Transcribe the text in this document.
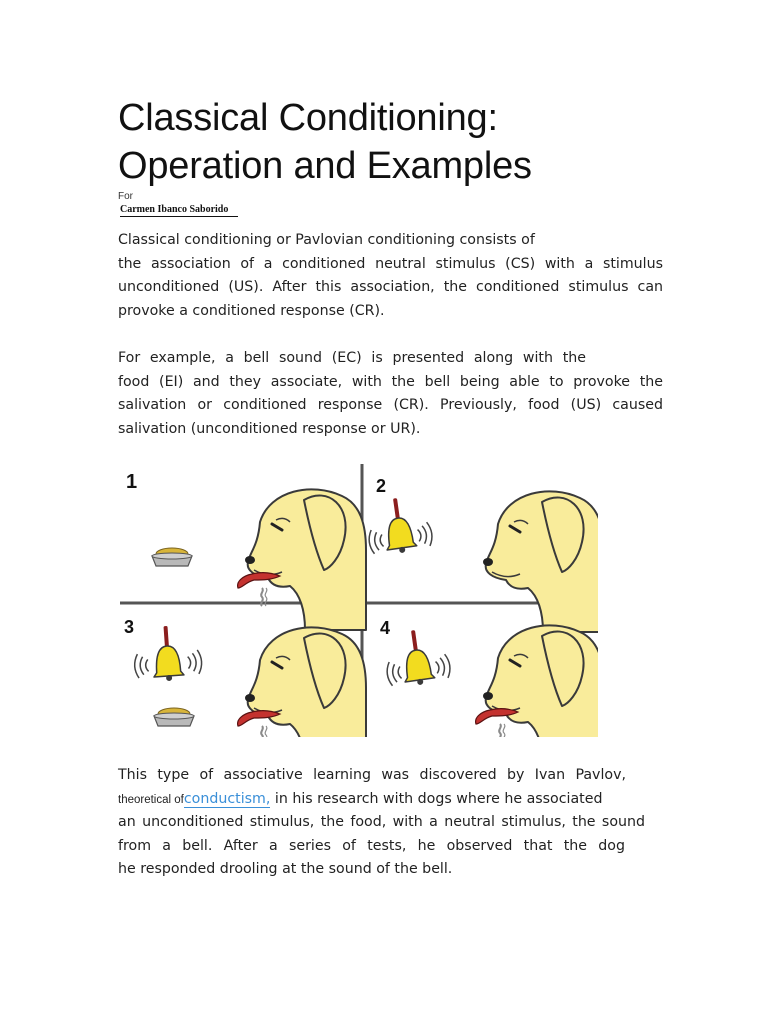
Classical Conditioning:
Operation and Examples
For
Carmen Ibanco Saborido
Classical conditioning or Pavlovian conditioning consists of
the association of a conditioned neutral stimulus (CS) with a stimulus
unconditioned (US). After this association, the conditioned stimulus can
provoke a conditioned response (CR).
For example, a bell sound (EC) is presented along with the
food (EI) and they associate, with the bell being able to provoke the
salivation or conditioned response (CR). Previously, food (US) caused
salivation (unconditioned response or UR).
This type of associative learning was discovered by Ivan Pavlov,
theoretical ofconductism, in his research with dogs where he associated
an unconditioned stimulus, the food, with a neutral stimulus, the sound
from a bell. After a series of tests, he observed that the dog
he responded drooling at the sound of the bell.
1	2
3	4
